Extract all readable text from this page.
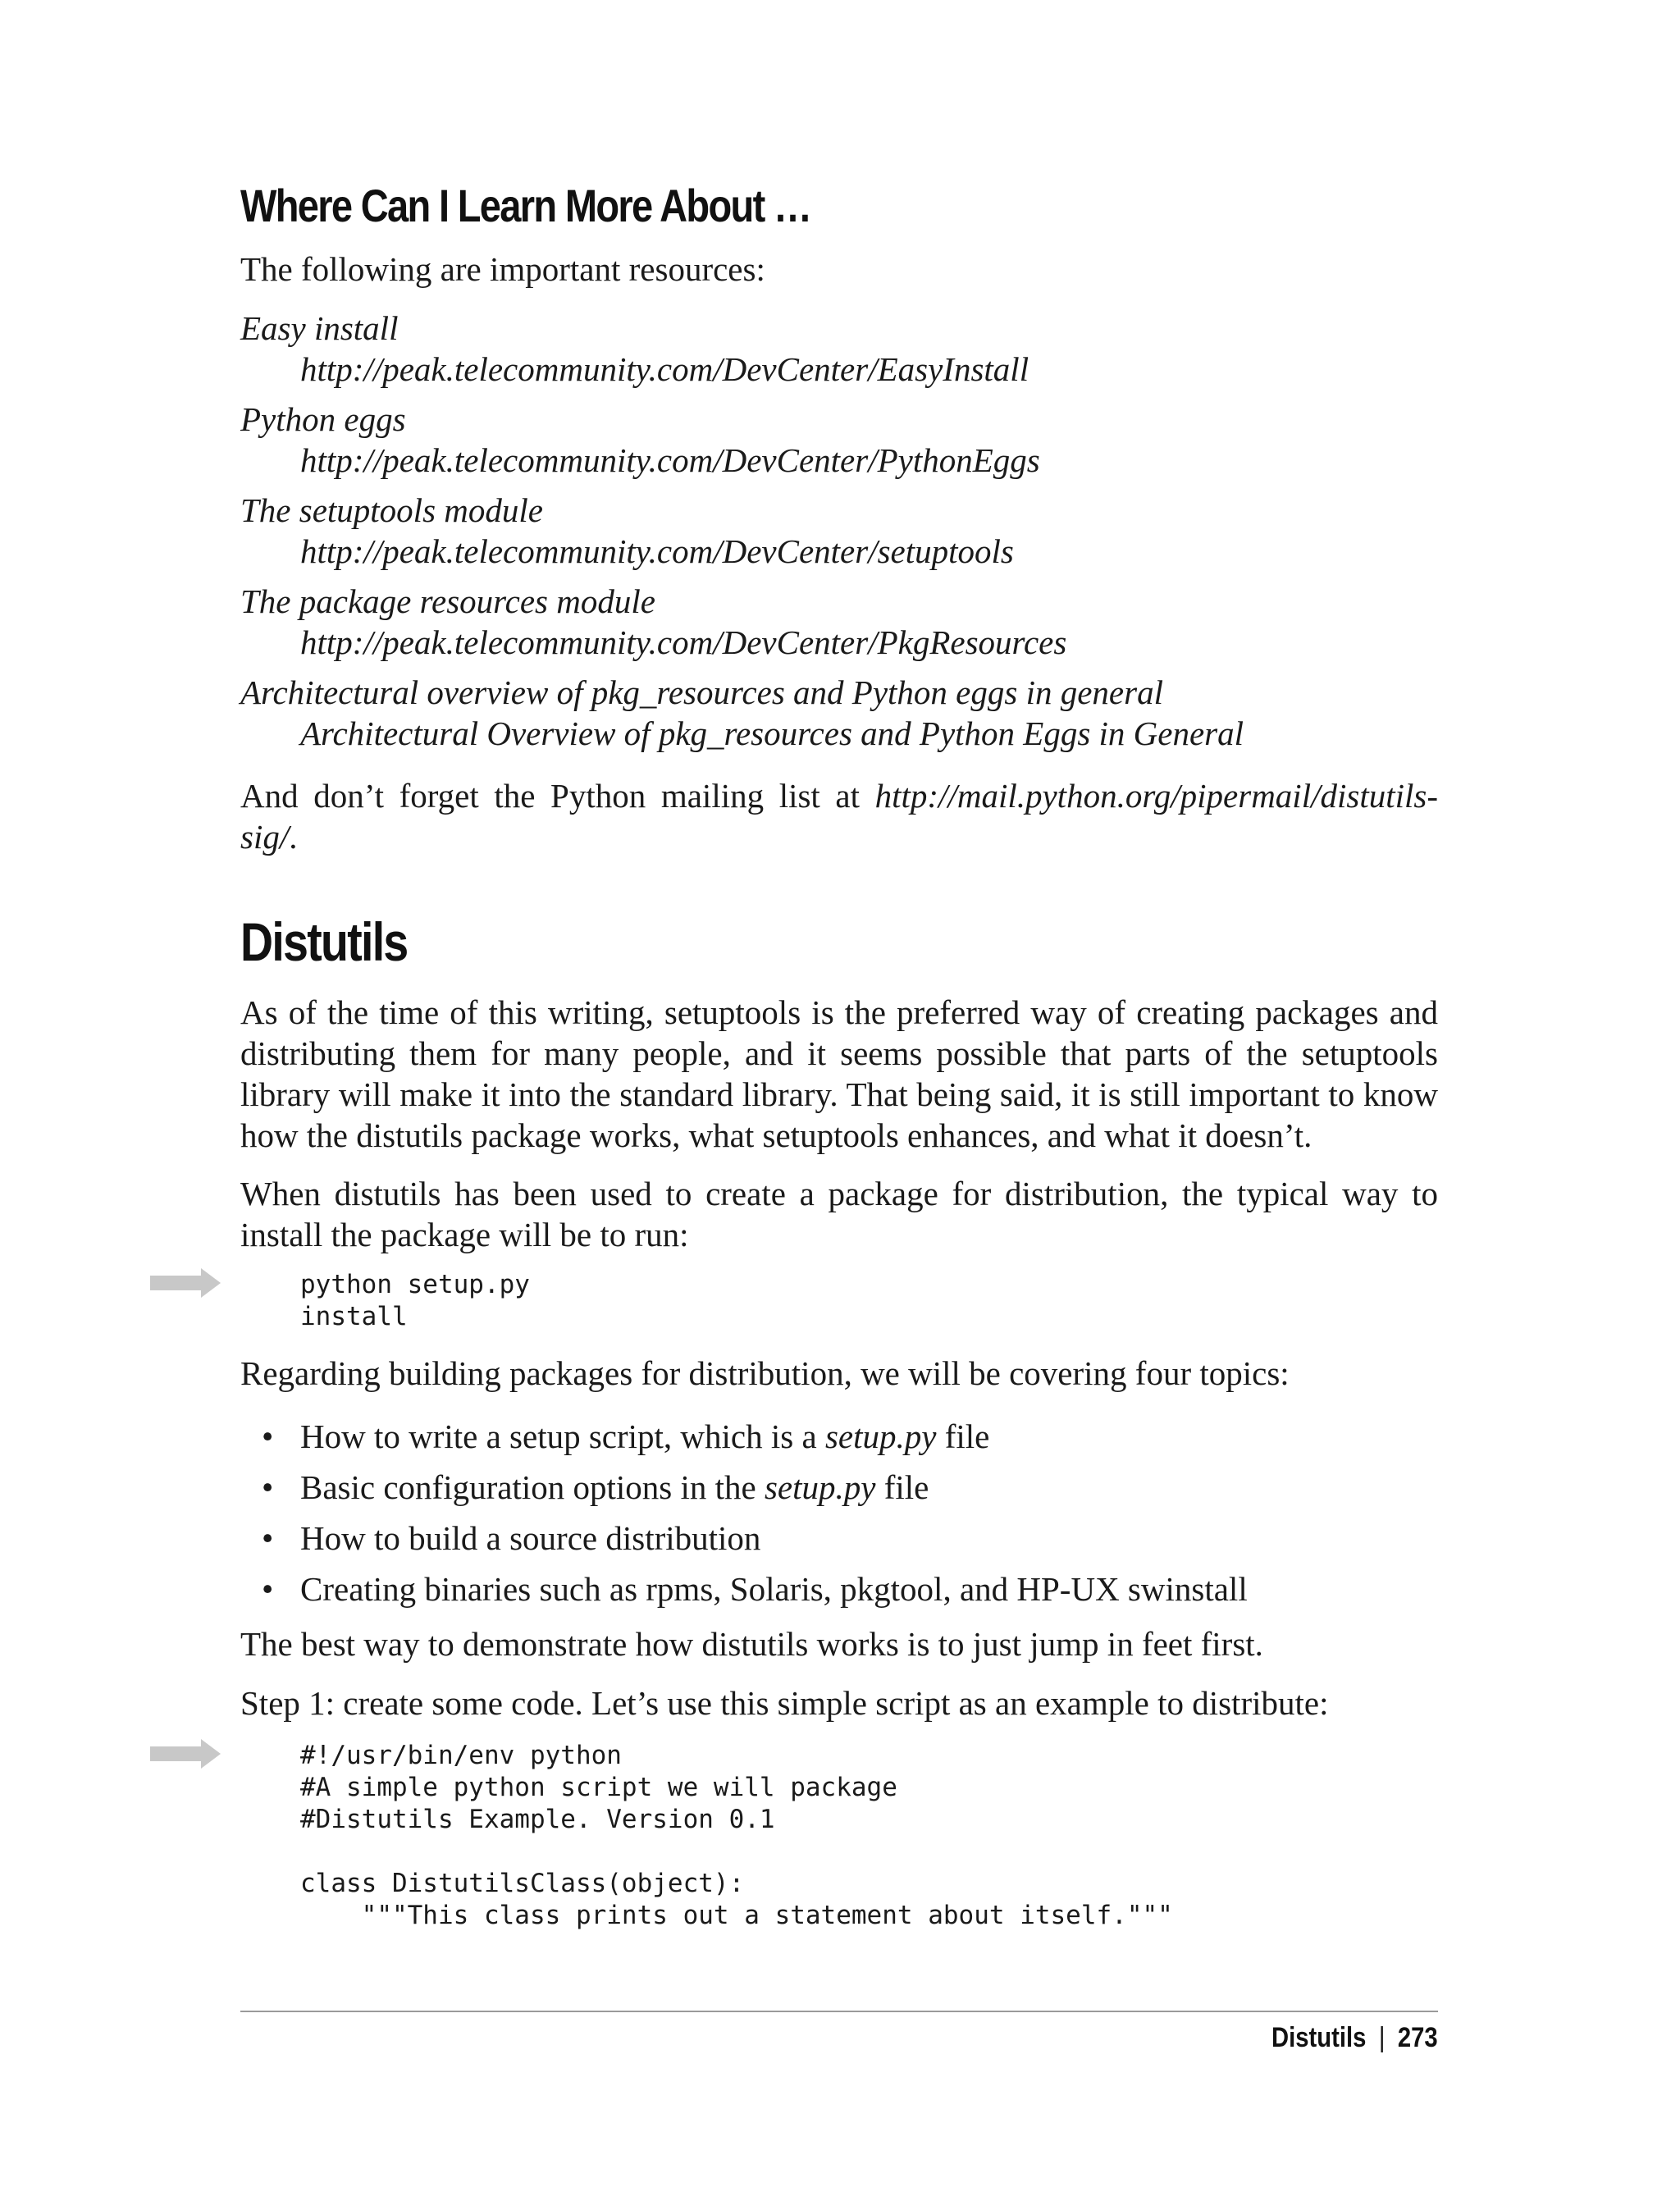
Where Can I Learn More About …

The following are important resources:

Easy install

http://peak.telecommunity.com/DevCenter/EasyInstall

Python eggs

http://peak.telecommunity.com/DevCenter/PythonEggs

The setuptools module

http://peak.telecommunity.com/DevCenter/setuptools

The package resources module

http://peak.telecommunity.com/DevCenter/PkgResources

Architectural overview of pkg_resources and Python eggs in general

Architectural Overview of pkg_resources and Python Eggs in General

And don’t forget the Python mailing list at http://mail.python.org/pipermail/distutils-sig/.

Distutils

As of the time of this writing, setuptools is the preferred way of creating packages and distributing them for many people, and it seems possible that parts of the setuptools library will make it into the standard library. That being said, it is still important to know how the distutils package works, what setuptools enhances, and what it doesn’t.

When distutils has been used to create a package for distribution, the typical way to install the package will be to run:

python setup.py
install

Regarding building packages for distribution, we will be covering four topics:

• How to write a setup script, which is a setup.py file
• Basic configuration options in the setup.py file
• How to build a source distribution
• Creating binaries such as rpms, Solaris, pkgtool, and HP-UX swinstall

The best way to demonstrate how distutils works is to just jump in feet first.

Step 1: create some code. Let’s use this simple script as an example to distribute:

#!/usr/bin/env python
#A simple python script we will package
#Distutils Example. Version 0.1

class DistutilsClass(object):
"""This class prints out a statement about itself."""
Distutils | 273
